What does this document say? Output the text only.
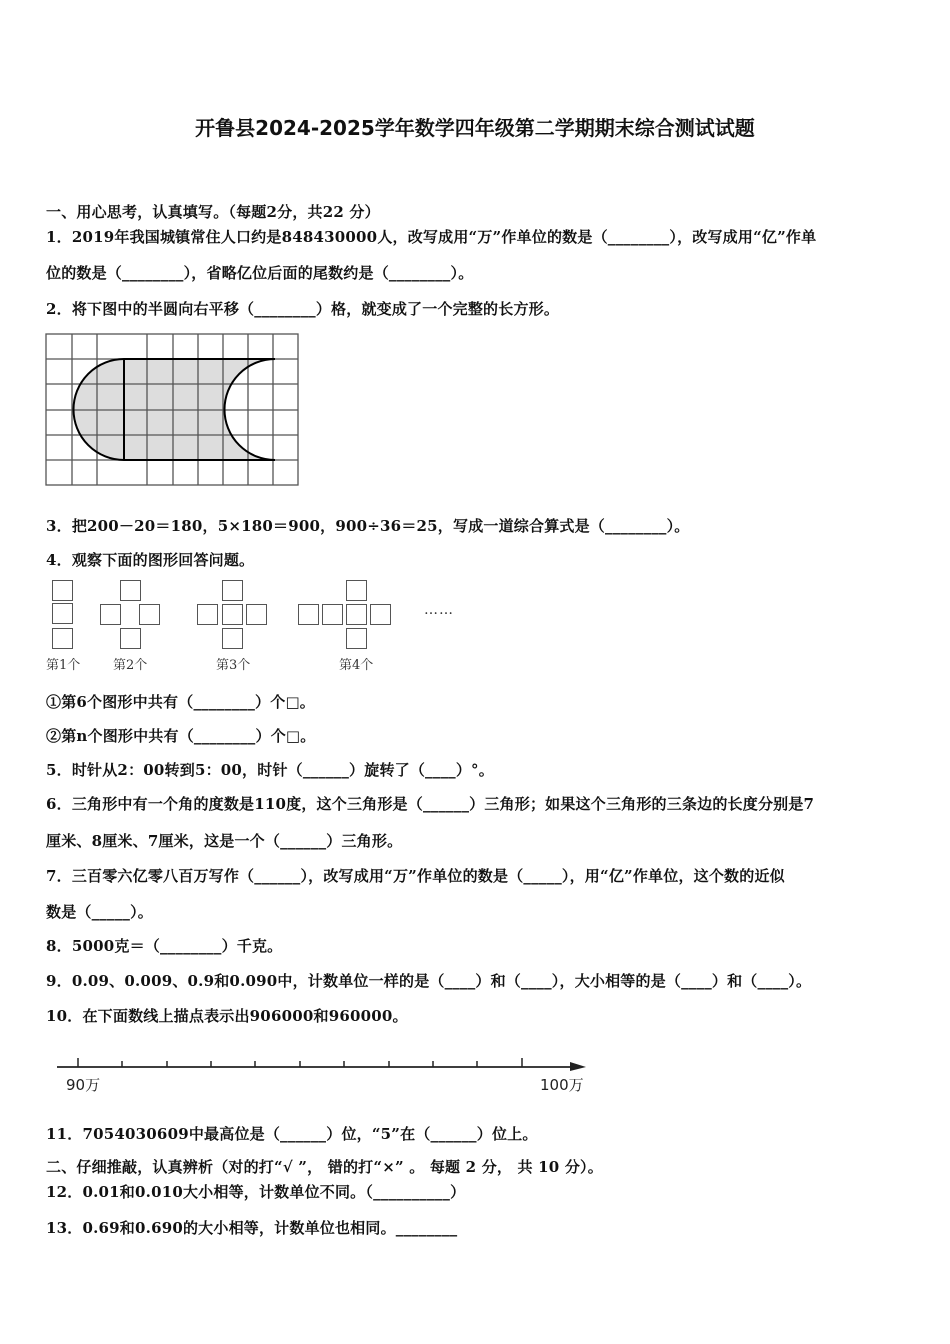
开鲁县2024-2025学年数学四年级第二学期期末综合测试试题
一、用心思考，认真填写。（每题2分，共22 分）
1．2019年我国城镇常住人口约是848430000人，改写成用“万”作单位的数是（________），改写成用“亿”作单
位的数是（________），省略亿位后面的尾数约是（________）。
2．将下图中的半圆向右平移（________）格，就变成了一个完整的长方形。
3．把200－20＝180，5×180＝900，900÷36＝25，写成一道综合算式是（________）。
4．观察下面的图形回答问题。
……
第1个	第2个	第3个	第4个
①第6个图形中共有（________）个□。
②第n个图形中共有（________）个□。
5．时针从2：00转到5：00，时针（______）旋转了（____）°。
6．三角形中有一个角的度数是110度，这个三角形是（______）三角形；如果这个三角形的三条边的长度分别是7
厘米、8厘米、7厘米，这是一个（______）三角形。
7．三百零六亿零八百万写作（______），改写成用“万”作单位的数是（_____），用“亿”作单位，这个数的近似
数是（_____）。
8．5000克＝（________）千克。
9．0.09、0.009、0.9和0.090中，计数单位一样的是（____）和（____），大小相等的是（____）和（____）。
10．在下面数线上描点表示出906000和960000。
90万	100万
11．7054030609中最高位是（______）位，“5”在（______）位上。
二、仔细推敲，认真辨析（对的打“√ ”， 错的打“×” 。 每题 2 分， 共 10 分）。
12．0.01和0.010大小相等，计数单位不同。（__________）
13．0.69和0.690的大小相等，计数单位也相同。________
